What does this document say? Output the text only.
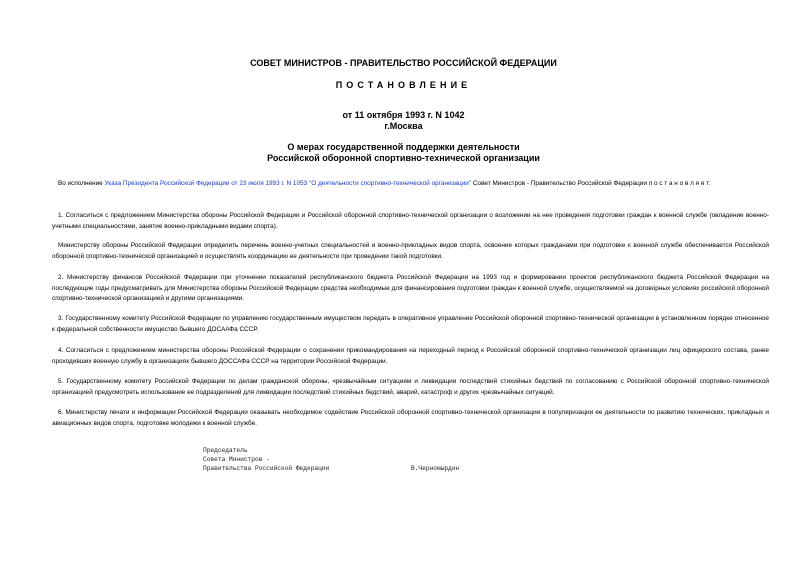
СОВЕТ МИНИСТРОВ - ПРАВИТЕЛЬСТВО РОССИЙСКОЙ ФЕДЕРАЦИИ
ПОСТАНОВЛЕНИЕ
от 11 октября 1993 г. N 1042
г.Москва
О мерах государственной поддержки деятельности
Российской оборонной спортивно-технической организации
Во исполнение Указа Президента Российской Федерации от 23 июля 1993 г. N 1053 "О деятельности спортивно-технической организации" Совет Министров - Правительство Российской Федерации п о с т а н о в л я е т:
1. Согласиться с предложением Министерства обороны Российской Федерации и Российской оборонной спортивно-технической организации о возложении на нее проведения подготовки граждан к военной службе (овладение военно-учетными специальностями, занятие военно-прикладными видами спорта).
Министерству обороны Российской Федерации определить перечень военно-учетных специальностей и военно-прикладных видов спорта, освоение которых гражданами при подготовке к военной службе обеспечивается Российской оборонной спортивно-технической организацией и осуществлять координацию ее деятельности при проведении такой подготовки.
2. Министерству финансов Российской Федерации при уточнении показателей республиканского бюджета Российской Федерации на 1993 год и формировании проектов республиканского бюджета Российской Федерации на последующие годы предусматривать для Министерства обороны Российской Федерации средства необходимые для финансирования подготовки граждан к военной службе, осуществляемой на договорных условиях российской оборонной спортивно-технической организацией и другими организациями.
3. Государственному комитету Российской Федерации по управлению государственным имуществом передать в оперативное управление Российской оборонной спортивно-технической организации в установленном порядке отнесенное к федеральной собственности имущество бывшего ДОСААФа СССР.
4. Согласиться с предложением министерства обороны Российской Федерации о сохранении прикомандирования на переходный период к Российской оборонной спортивно-технической организации лиц офицерского состава, ранее проходивших военную службу в организациях бывшего ДОССАФа СССР на территории Российской Федерации.
5. Государственному комитету Российской Федерации по делам гражданской обороны, чрезвычайным ситуациям и ликвидации последствий стихийных бедствий по согласованию с Российской оборонной спортивно-технической организацией предусмотреть использование ее подразделений для ликвидации последствий стихийных бедствий, аварий, катастроф и других чрезвычайных ситуаций.
6. Министерству печати и информации Российской Федерации оказывать необходимое содействие Российской оборонной спортивно-технической организации в популяризации ее деятельности по развитию технических, прикладных и авиационных видов спорта, подготовке молодежи к военной службе.
Председатель
Совета Министров -
Правительства Российской Федерации	В.Черномырдин
